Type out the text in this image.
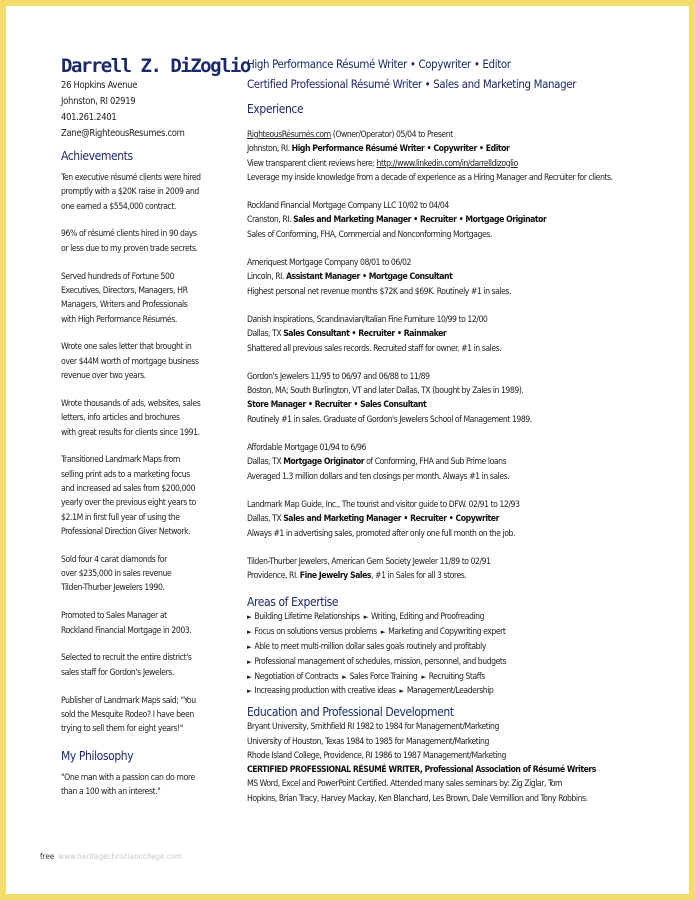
Darrell Z. DiZoglio
26 Hopkins Avenue
Johnston, RI 02919
401.261.2401
Zane@RighteousResumes.com
Achievements

Ten executive résumé clients were hired
promptly with a $20K raise in 2009 and
one earned a $554,000 contract.

96% of résumé clients hired in 90 days
or less due to my proven trade secrets.

Served hundreds of Fortune 500
Executives, Directors, Managers, HR
Managers, Writers and Professionals
with High Performance Résumés.

Wrote one sales letter that brought in
over $44M worth of mortgage business
revenue over two years.

Wrote thousands of ads, websites, sales
letters, info articles and brochures
with great results for clients since 1991.

Transitioned Landmark Maps from
selling print ads to a marketing focus
and increased ad sales from $200,000
yearly over the previous eight years to
$2.1M in first full year of using the
Professional Direction Giver Network.

Sold four 4 carat diamonds for
over $235,000 in sales revenue
Tilden-Thurber Jewelers 1990.

Promoted to Sales Manager at
Rockland Financial Mortgage in 2003.

Selected to recruit the entire district's
sales staff for Gordon's Jewelers.

Publisher of Landmark Maps said; "You
sold the Mesquite Rodeo? I have been
trying to sell them for eight years!"

My Philosophy

"One man with a passion can do more
than a 100 with an interest."

High Performance Résumé Writer • Copywriter • Editor
Certified Professional Résumé Writer • Sales and Marketing Manager
Experience
RighteousRésumés.com (Owner/Operator) 05/04 to Present
Johnston, RI. High Performance Résumé Writer • Copywriter • Editor
View transparent client reviews here: http://www.linkedin.com/in/darrelldizoglio
Leverage my inside knowledge from a decade of experience as a Hiring Manager and Recruiter for clients.
Rockland Financial Mortgage Company LLC 10/02 to 04/04
Cranston, RI. Sales and Marketing Manager • Recruiter • Mortgage Originator
Sales of Conforming, FHA, Commercial and Nonconforming Mortgages.
Ameriquest Mortgage Company 08/01 to 06/02
Lincoln, RI. Assistant Manager • Mortgage Consultant
Highest personal net revenue months $72K and $69K. Routinely #1 in sales.
Danish Inspirations, Scandinavian/Italian Fine Furniture 10/99 to 12/00
Dallas, TX Sales Consultant • Recruiter • Rainmaker
Shattered all previous sales records. Recruited staff for owner. #1 in sales.
Gordon's Jewelers 11/95 to 06/97 and 06/88 to 11/89
Boston, MA; South Burlington, VT and later Dallas, TX (bought by Zales in 1989).
Store Manager • Recruiter • Sales Consultant
Routinely #1 in sales. Graduate of Gordon's Jewelers School of Management 1989.
Affordable Mortgage 01/94 to 6/96
Dallas, TX Mortgage Originator of Conforming, FHA and Sub Prime loans
Averaged 1.3 million dollars and ten closings per month. Always #1 in sales.
Landmark Map Guide, Inc., The tourist and visitor guide to DFW. 02/91 to 12/93
Dallas, TX Sales and Marketing Manager • Recruiter • Copywriter
Always #1 in advertising sales, promoted after only one full month on the job.
Tilden-Thurber Jewelers, American Gem Society Jeweler 11/89 to 02/91
Providence, RI. Fine Jewelry Sales, #1 in Sales for all 3 stores.
Areas of Expertise
► Building Lifetime Relationships ► Writing, Editing and Proofreading
► Focus on solutions versus problems ► Marketing and Copywriting expert
► Able to meet multi-million dollar sales goals routinely and profitably
► Professional management of schedules, mission, personnel, and budgets
► Negotiation of Contracts ► Sales Force Training ► Recruiting Staffs
► Increasing production with creative ideas ► Management/Leadership
Education and Professional Development
Bryant University, Smithfield RI 1982 to 1984 for Management/Marketing
University of Houston, Texas 1984 to 1985 for Management/Marketing
Rhode Island College, Providence, RI 1986 to 1987 Management/Marketing
CERTIFIED PROFESSIONAL RÉSUMÉ WRITER, Professional Association of Résumé Writers
MS Word, Excel and PowerPoint Certified. Attended many sales seminars by: Zig Ziglar, Tom
Hopkins, Brian Tracy, Harvey Mackay, Ken Blanchard, Les Brown, Dale Vermillion and Tony Robbins.
free www.heritagechristiancollege.com
